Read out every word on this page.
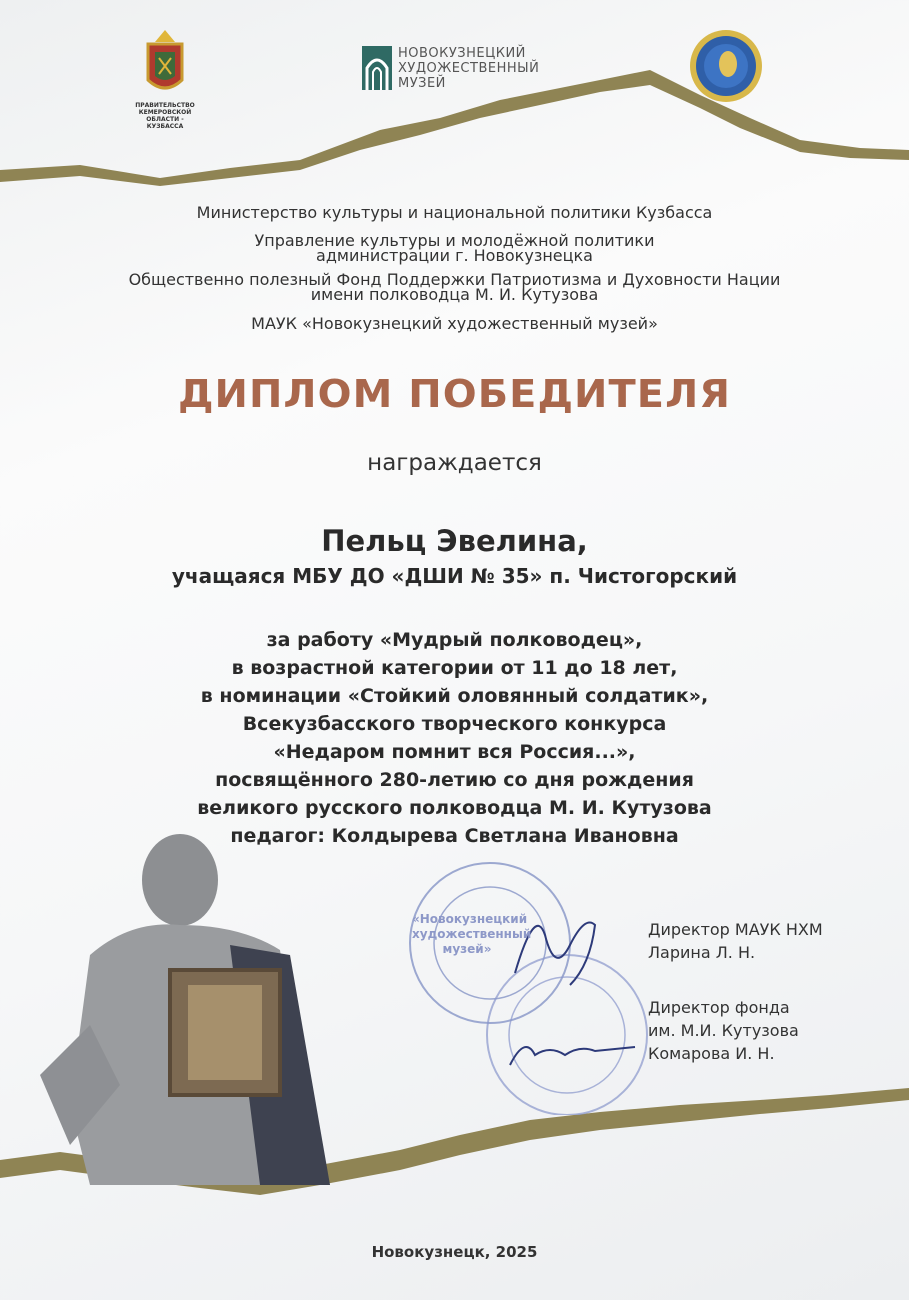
ПРАВИТЕЛЬСТВО
КЕМЕРОВСКОЙ ОБЛАСТИ -
КУЗБАССА
НОВОКУЗНЕЦКИЙ
ХУДОЖЕСТВЕННЫЙ
МУЗЕЙ
Министерство культуры и национальной политики Кузбасса
Управление культуры и молодёжной политики
администрации г. Новокузнецка
Общественно полезный Фонд Поддержки Патриотизма и Духовности Нации
имени полководца М. И. Кутузова
МАУК «Новокузнецкий художественный музей»
ДИПЛОМ ПОБЕДИТЕЛЯ
награждается
Пельц Эвелина,
учащаяся МБУ ДО «ДШИ № 35» п. Чистогорский

за работу «Мудрый полководец»,

в возрастной категории от 11 до 18 лет,

в номинации «Стойкий оловянный солдатик»,

Всекузбасского творческого конкурса

«Недаром помнит вся Россия...»,

посвящённого 280-летию со дня рождения

великого русского полководца М. И. Кутузова

педагог: Колдырева Светлана Ивановна

«Новокузнецкий
художественный
музей»
Директор МАУК НХМ
Ларина Л. Н.
Директор фонда
им. М.И. Кутузова
Комарова И. Н.
Новокузнецк, 2025
